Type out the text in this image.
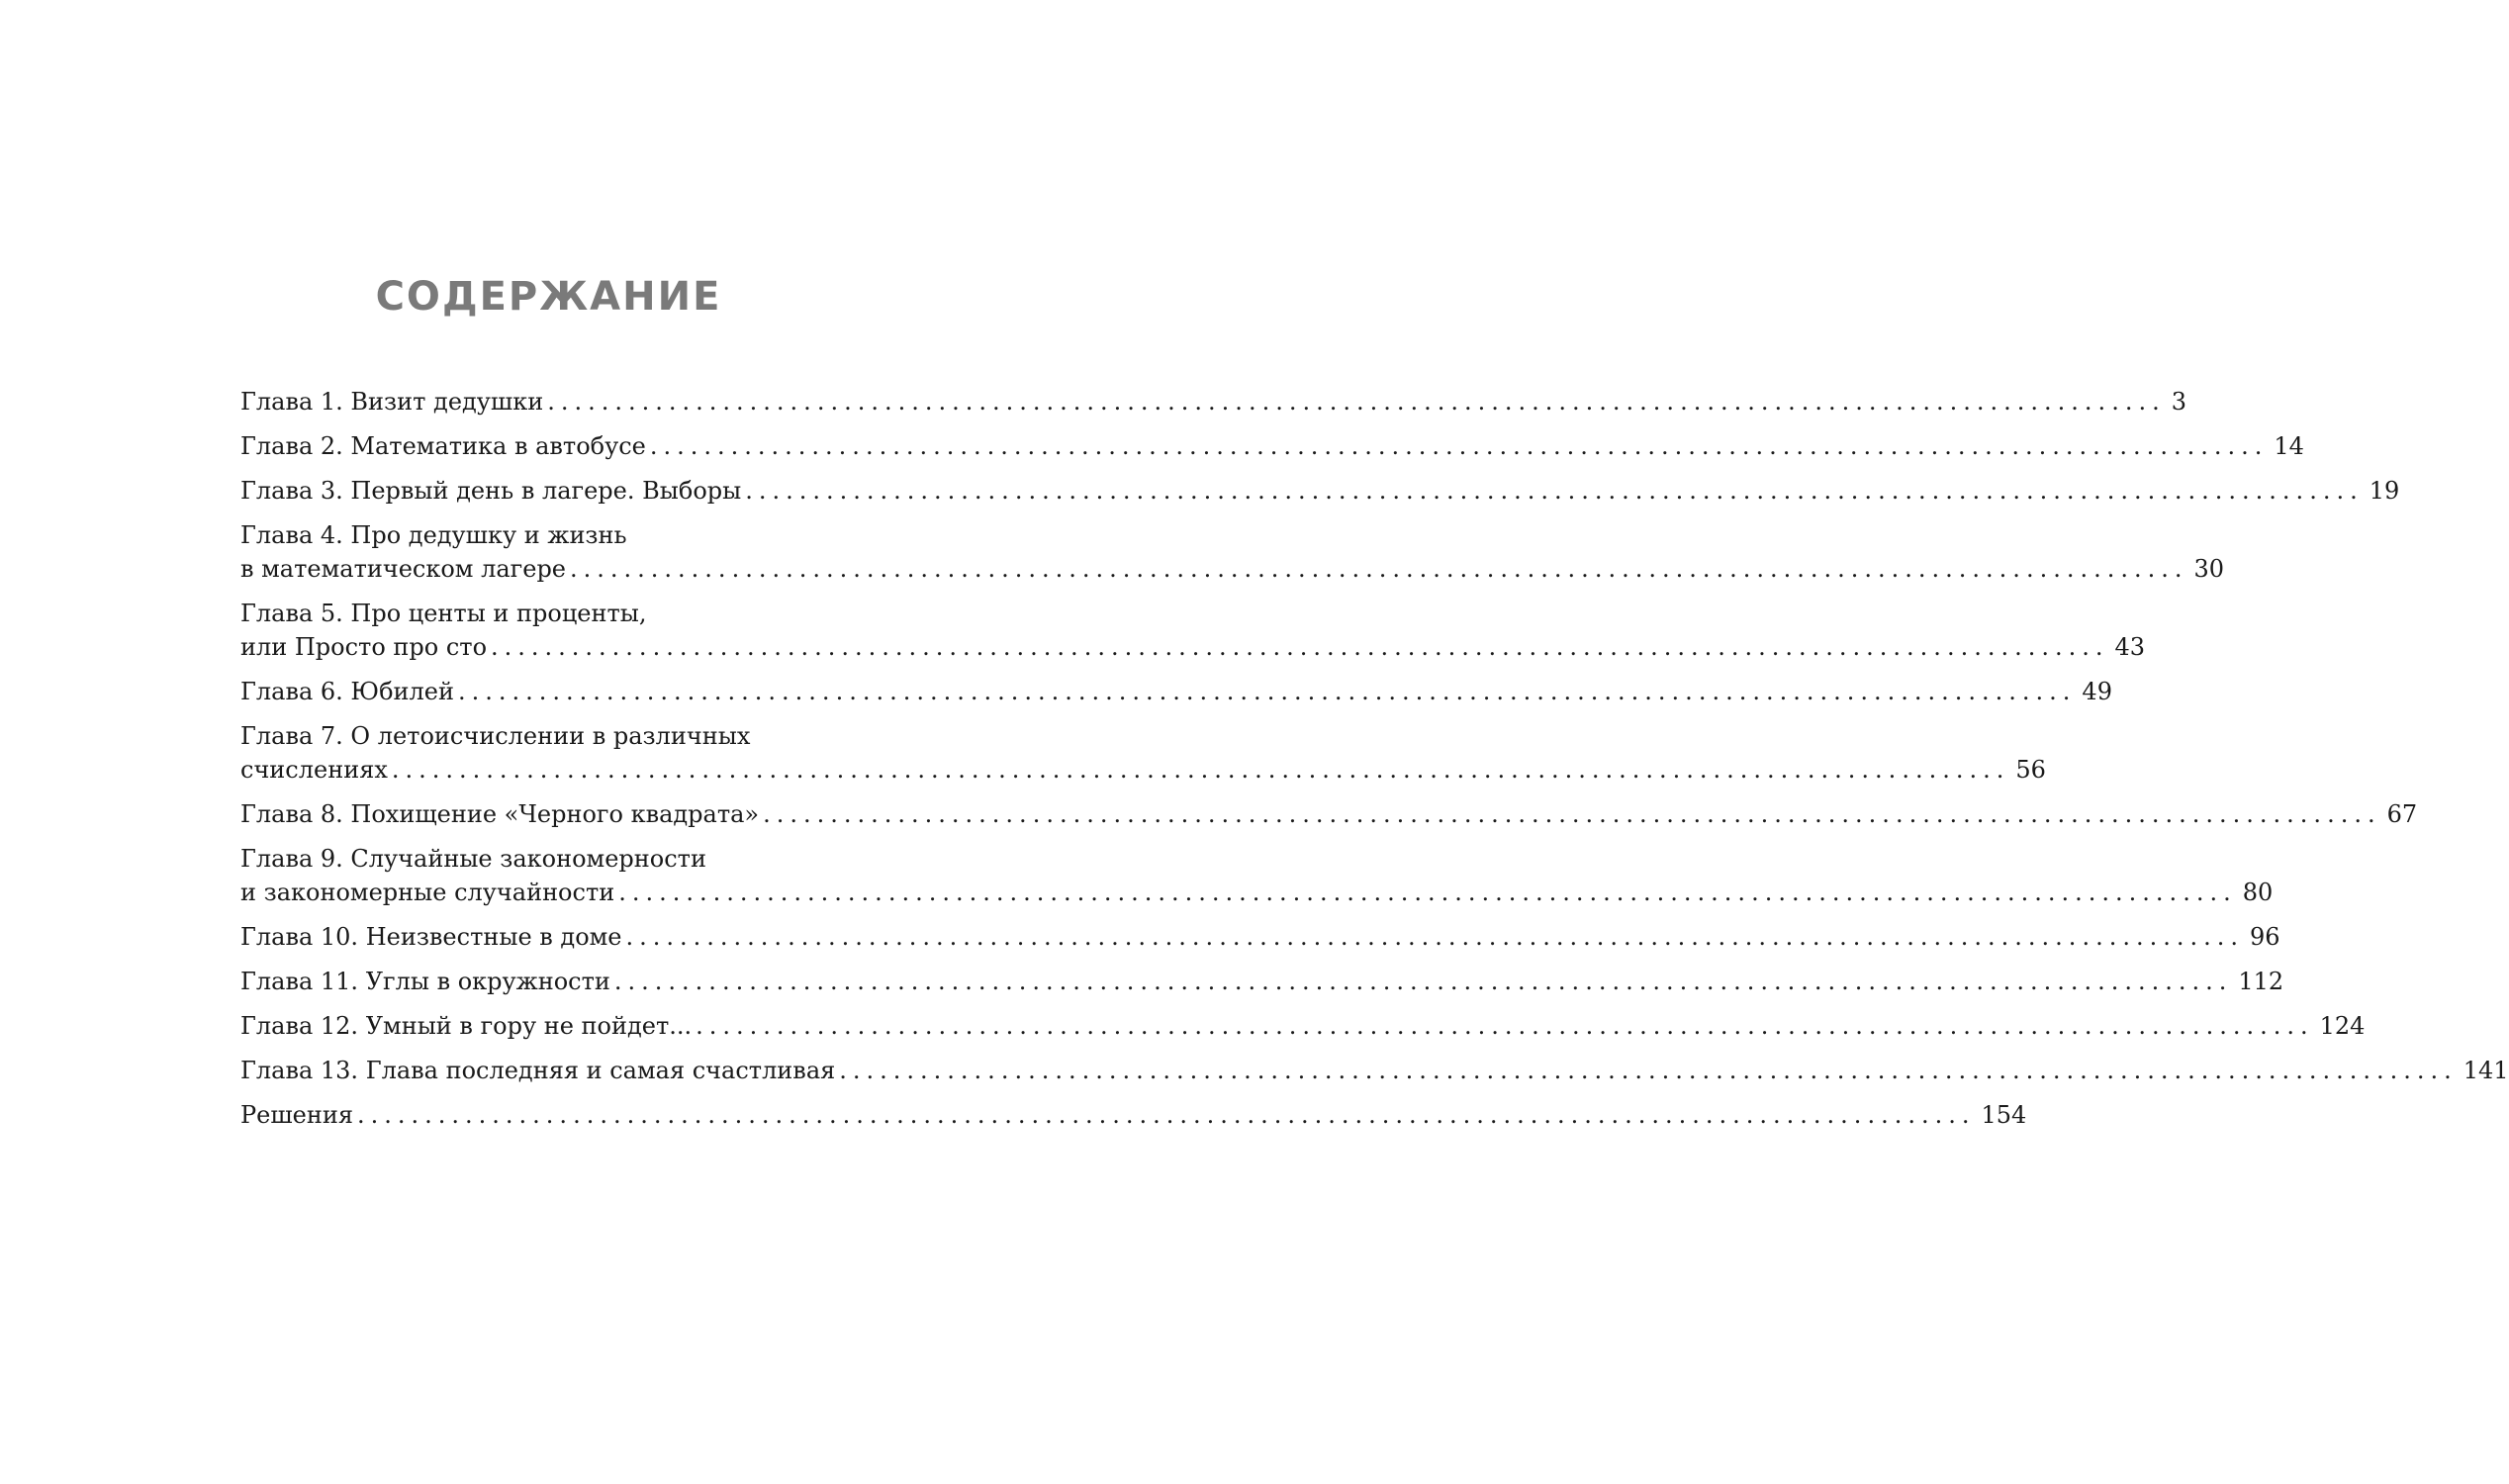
СОДЕРЖАНИЕ
Глава 1. Визит дедушки ........................................................................................................................ 3
Глава 2. Математика в автобусе ........................................................................................................................ 14
Глава 3. Первый день в лагере. Выборы ........................................................................................................................ 19
Глава 4. Про дедушку и жизнь
в математическом лагере ........................................................................................................................ 30
Глава 5. Про центы и проценты,
или Просто про сто ........................................................................................................................ 43
Глава 6. Юбилей ........................................................................................................................ 49
Глава 7. О летоисчислении в различных
счислениях ........................................................................................................................ 56
Глава 8. Похищение «Черного квадрата» ........................................................................................................................ 67
Глава 9. Случайные закономерности
и закономерные случайности ........................................................................................................................ 80
Глава 10. Неизвестные в доме ........................................................................................................................ 96
Глава 11. Углы в окружности ........................................................................................................................ 112
Глава 12. Умный в гору не пойдет... ........................................................................................................................ 124
Глава 13. Глава последняя и самая счастливая ........................................................................................................................ 141
Решения ........................................................................................................................ 154
